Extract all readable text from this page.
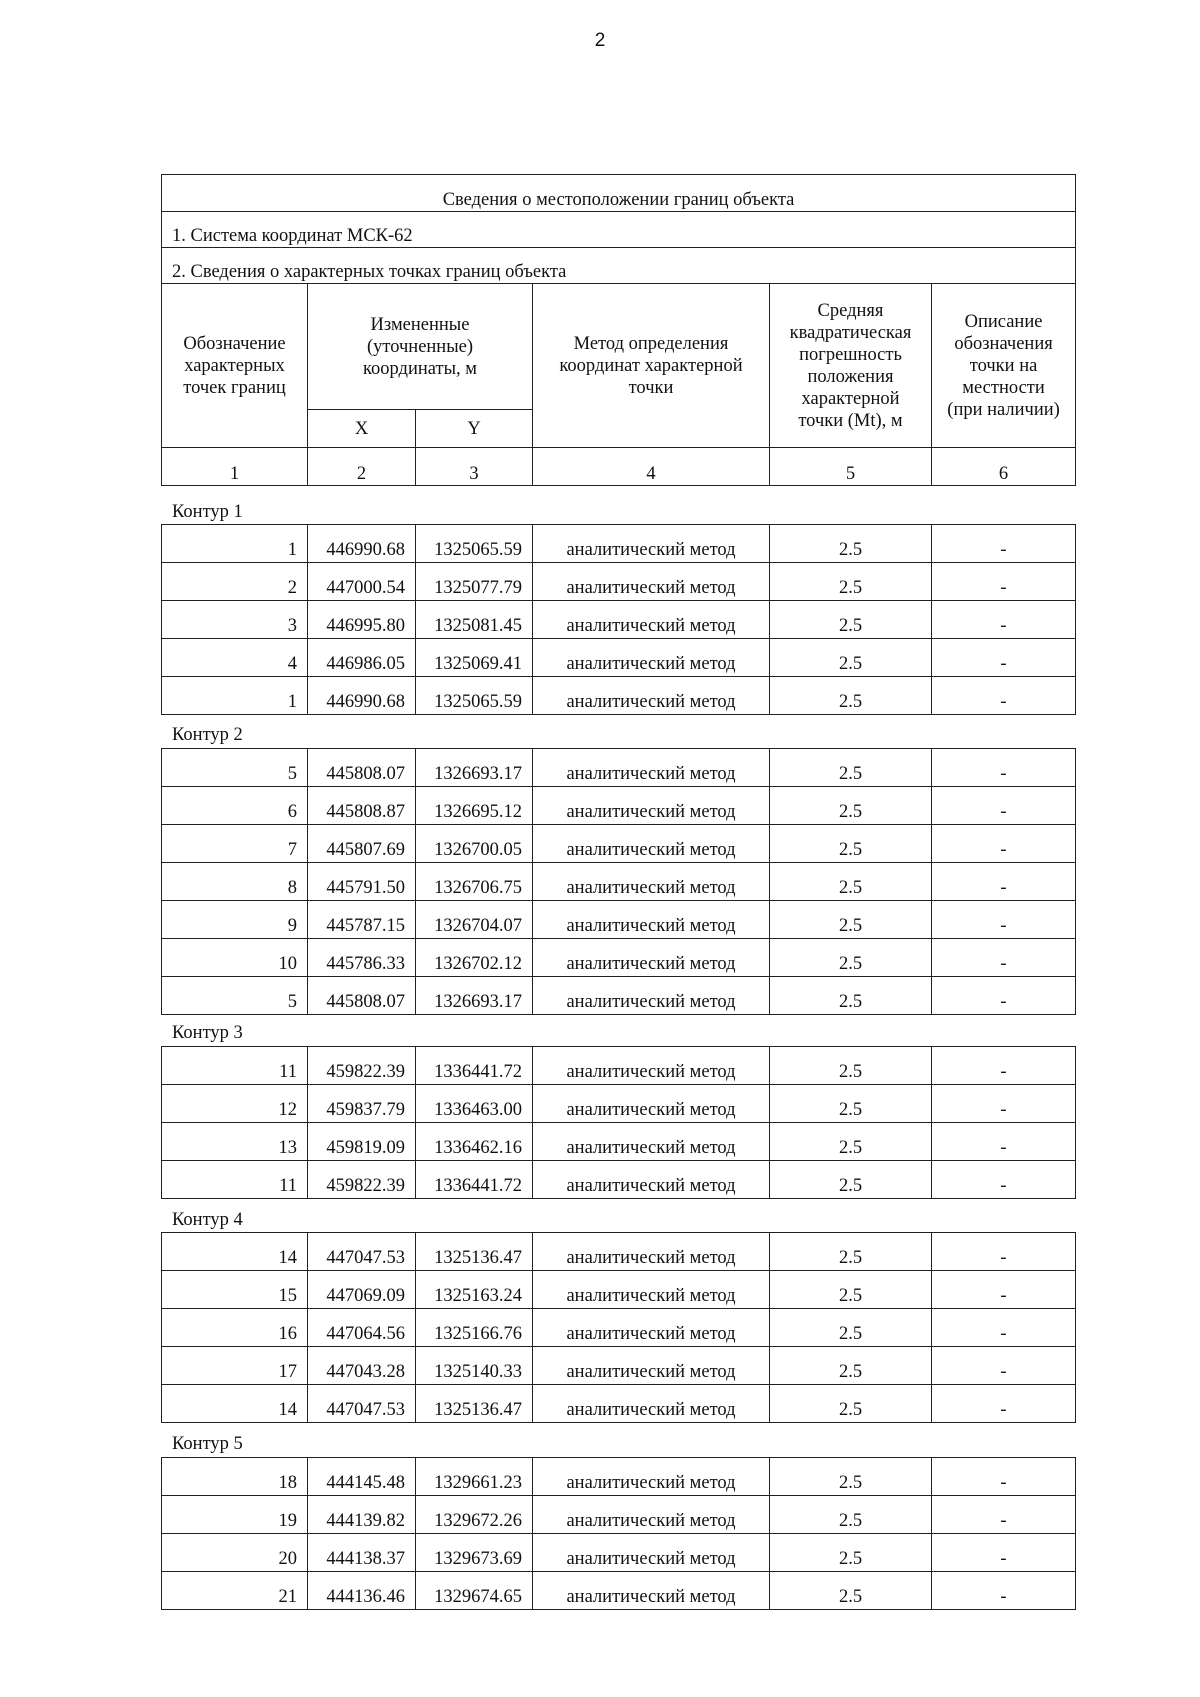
2
Сведения о местоположении границ объекта					
1. Система координат МСК-62					
2. Сведения о характерных точках границ объекта					
Обозначение характерных точек границ	Измененные (уточненные) координаты, м		Метод определения координат характерной точки	Средняя квадратическая погрешность положения характерной точки (Mt), м	Описание обозначения точки на местности (при наличии)
	X	Y			
1	2	3	4	5	6
Контур 1
1	446990.68	1325065.59	аналитический метод	2.5	-
2	447000.54	1325077.79	аналитический метод	2.5	-
3	446995.80	1325081.45	аналитический метод	2.5	-
4	446986.05	1325069.41	аналитический метод	2.5	-
1	446990.68	1325065.59	аналитический метод	2.5	-
Контур 2
5	445808.07	1326693.17	аналитический метод	2.5	-
6	445808.87	1326695.12	аналитический метод	2.5	-
7	445807.69	1326700.05	аналитический метод	2.5	-
8	445791.50	1326706.75	аналитический метод	2.5	-
9	445787.15	1326704.07	аналитический метод	2.5	-
10	445786.33	1326702.12	аналитический метод	2.5	-
5	445808.07	1326693.17	аналитический метод	2.5	-
Контур 3
11	459822.39	1336441.72	аналитический метод	2.5	-
12	459837.79	1336463.00	аналитический метод	2.5	-
13	459819.09	1336462.16	аналитический метод	2.5	-
11	459822.39	1336441.72	аналитический метод	2.5	-
Контур 4
14	447047.53	1325136.47	аналитический метод	2.5	-
15	447069.09	1325163.24	аналитический метод	2.5	-
16	447064.56	1325166.76	аналитический метод	2.5	-
17	447043.28	1325140.33	аналитический метод	2.5	-
14	447047.53	1325136.47	аналитический метод	2.5	-
Контур 5
18	444145.48	1329661.23	аналитический метод	2.5	-
19	444139.82	1329672.26	аналитический метод	2.5	-
20	444138.37	1329673.69	аналитический метод	2.5	-
21	444136.46	1329674.65	аналитический метод	2.5	-
